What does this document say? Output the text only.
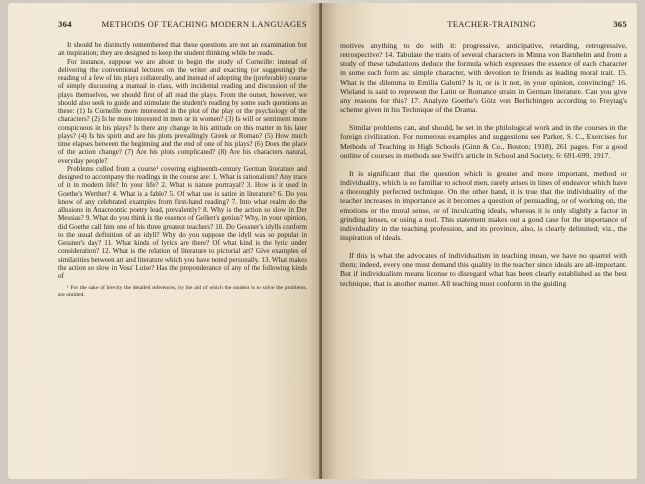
364	METHODS OF TEACHING MODERN LANGUAGES

It should be distinctly remembered that these questions are not an examination but an inspiration; they are designed to keep the student thinking while he reads.

For instance, suppose we are about to begin the study of Corneille: instead of delivering the conventional lectures on the writer and exacting (or suggesting) the reading of a few of his plays collaterally, and instead of adopting the (preferable) course of simply discussing a manual in class, with incidental reading and discussion of the plays themselves, we should first of all read the plays. From the outset, however, we should also seek to guide and stimulate the student's reading by some such questions as these: (1) Is Corneille more interested in the plot of the play or the psychology of the characters? (2) Is he more interested in men or in women? (3) Is will or sentiment more conspicuous in his plays? Is there any change in his attitude on this matter in his later plays? (4) Is his spirit and are his plots prevailingly Greek or Roman? (5) How much time elapses between the beginning and the end of one of his plays? (6) Does the place of the action change? (7) Are his plots complicated? (8) Are his characters natural, everyday people?

Problems culled from a course¹ covering eighteenth-century German literature and designed to accompany the readings in the course are: 1. What is rationalism? Any trace of it in modern life? In your life? 2. What is nature portrayal? 3. How is it used in Goethe's Werther? 4. What is a fable? 5. Of what use is satire in literature? 6. Do you know of any celebrated examples from first-hand reading? 7. Into what realm do the allusions in Anacreontic poetry lead, prevalently? 8. Why is the action so slow in Der Messias? 9. What do you think is the essence of Gellert's genius? Why, in your opinion, did Goethe call him one of his three greatest teachers? 10. Do Gessner's idylls conform to the usual definition of an idyll? Why do you suppose the idyll was so popular in Gessner's day? 11. What kinds of lyrics are there? Of what kind is the lyric under consideration? 12. What is the relation of literature to pictorial art? Give examples of similarities between art and literature which you have noted personally. 13. What makes the action so slow in Voss' Luise? Has the preponderance of any of the following kinds of

¹ For the sake of brevity the detailed references, by the aid of which the student is to solve the problems, are omitted.
TEACHER-TRAINING	365

motives anything to do with it: progressive, anticipative, retarding, retrogressive, retrospective? 14. Tabulate the traits of several characters in Minna von Barnhelm and from a study of these tabulations deduce the formula which expresses the essence of each character in some such form as: simple character, with devotion to friends as leading moral trait. 15. What is the dilemma in Emilia Galotti? Is it, or is it not, in your opinion, convincing? 16. Wieland is said to represent the Latin or Romance strain in German literature. Can you give any reasons for this? 17. Analyze Goethe's Götz von Berlichingen according to Freytag's scheme given in his Technique of the Drama.

Similar problems can, and should, be set in the philological work and in the courses in the foreign civilization. For numerous examples and suggestions see Parker, S. C., Exercises for Methods of Teaching in High Schools (Ginn & Co., Boston; 1918), 261 pages. For a good outline of courses in methods see Swift's article in School and Society, 6: 691-699, 1917.

It is significant that the question which is greater and more important, method or individuality, which is so familiar to school men, rarely arises in lines of endeavor which have a thoroughly perfected technique. On the other hand, it is true that the individuality of the teacher increases in importance as it becomes a question of persuading, or of working on, the emotions or the moral sense, or of inculcating ideals, whereas it is only slightly a factor in grinding lenses, or using a tool. This statement makes out a good case for the importance of individuality in the teaching profession, and its province, also, is clearly delimited; viz., the inspiration of ideals.

If this is what the advocates of individualism in teaching mean, we have no quarrel with them; indeed, every one must demand this quality in the teacher since ideals are all-important. But if individualism means license to disregard what has been clearly established as the best technique, that is another matter. All teaching must conform in the guiding
